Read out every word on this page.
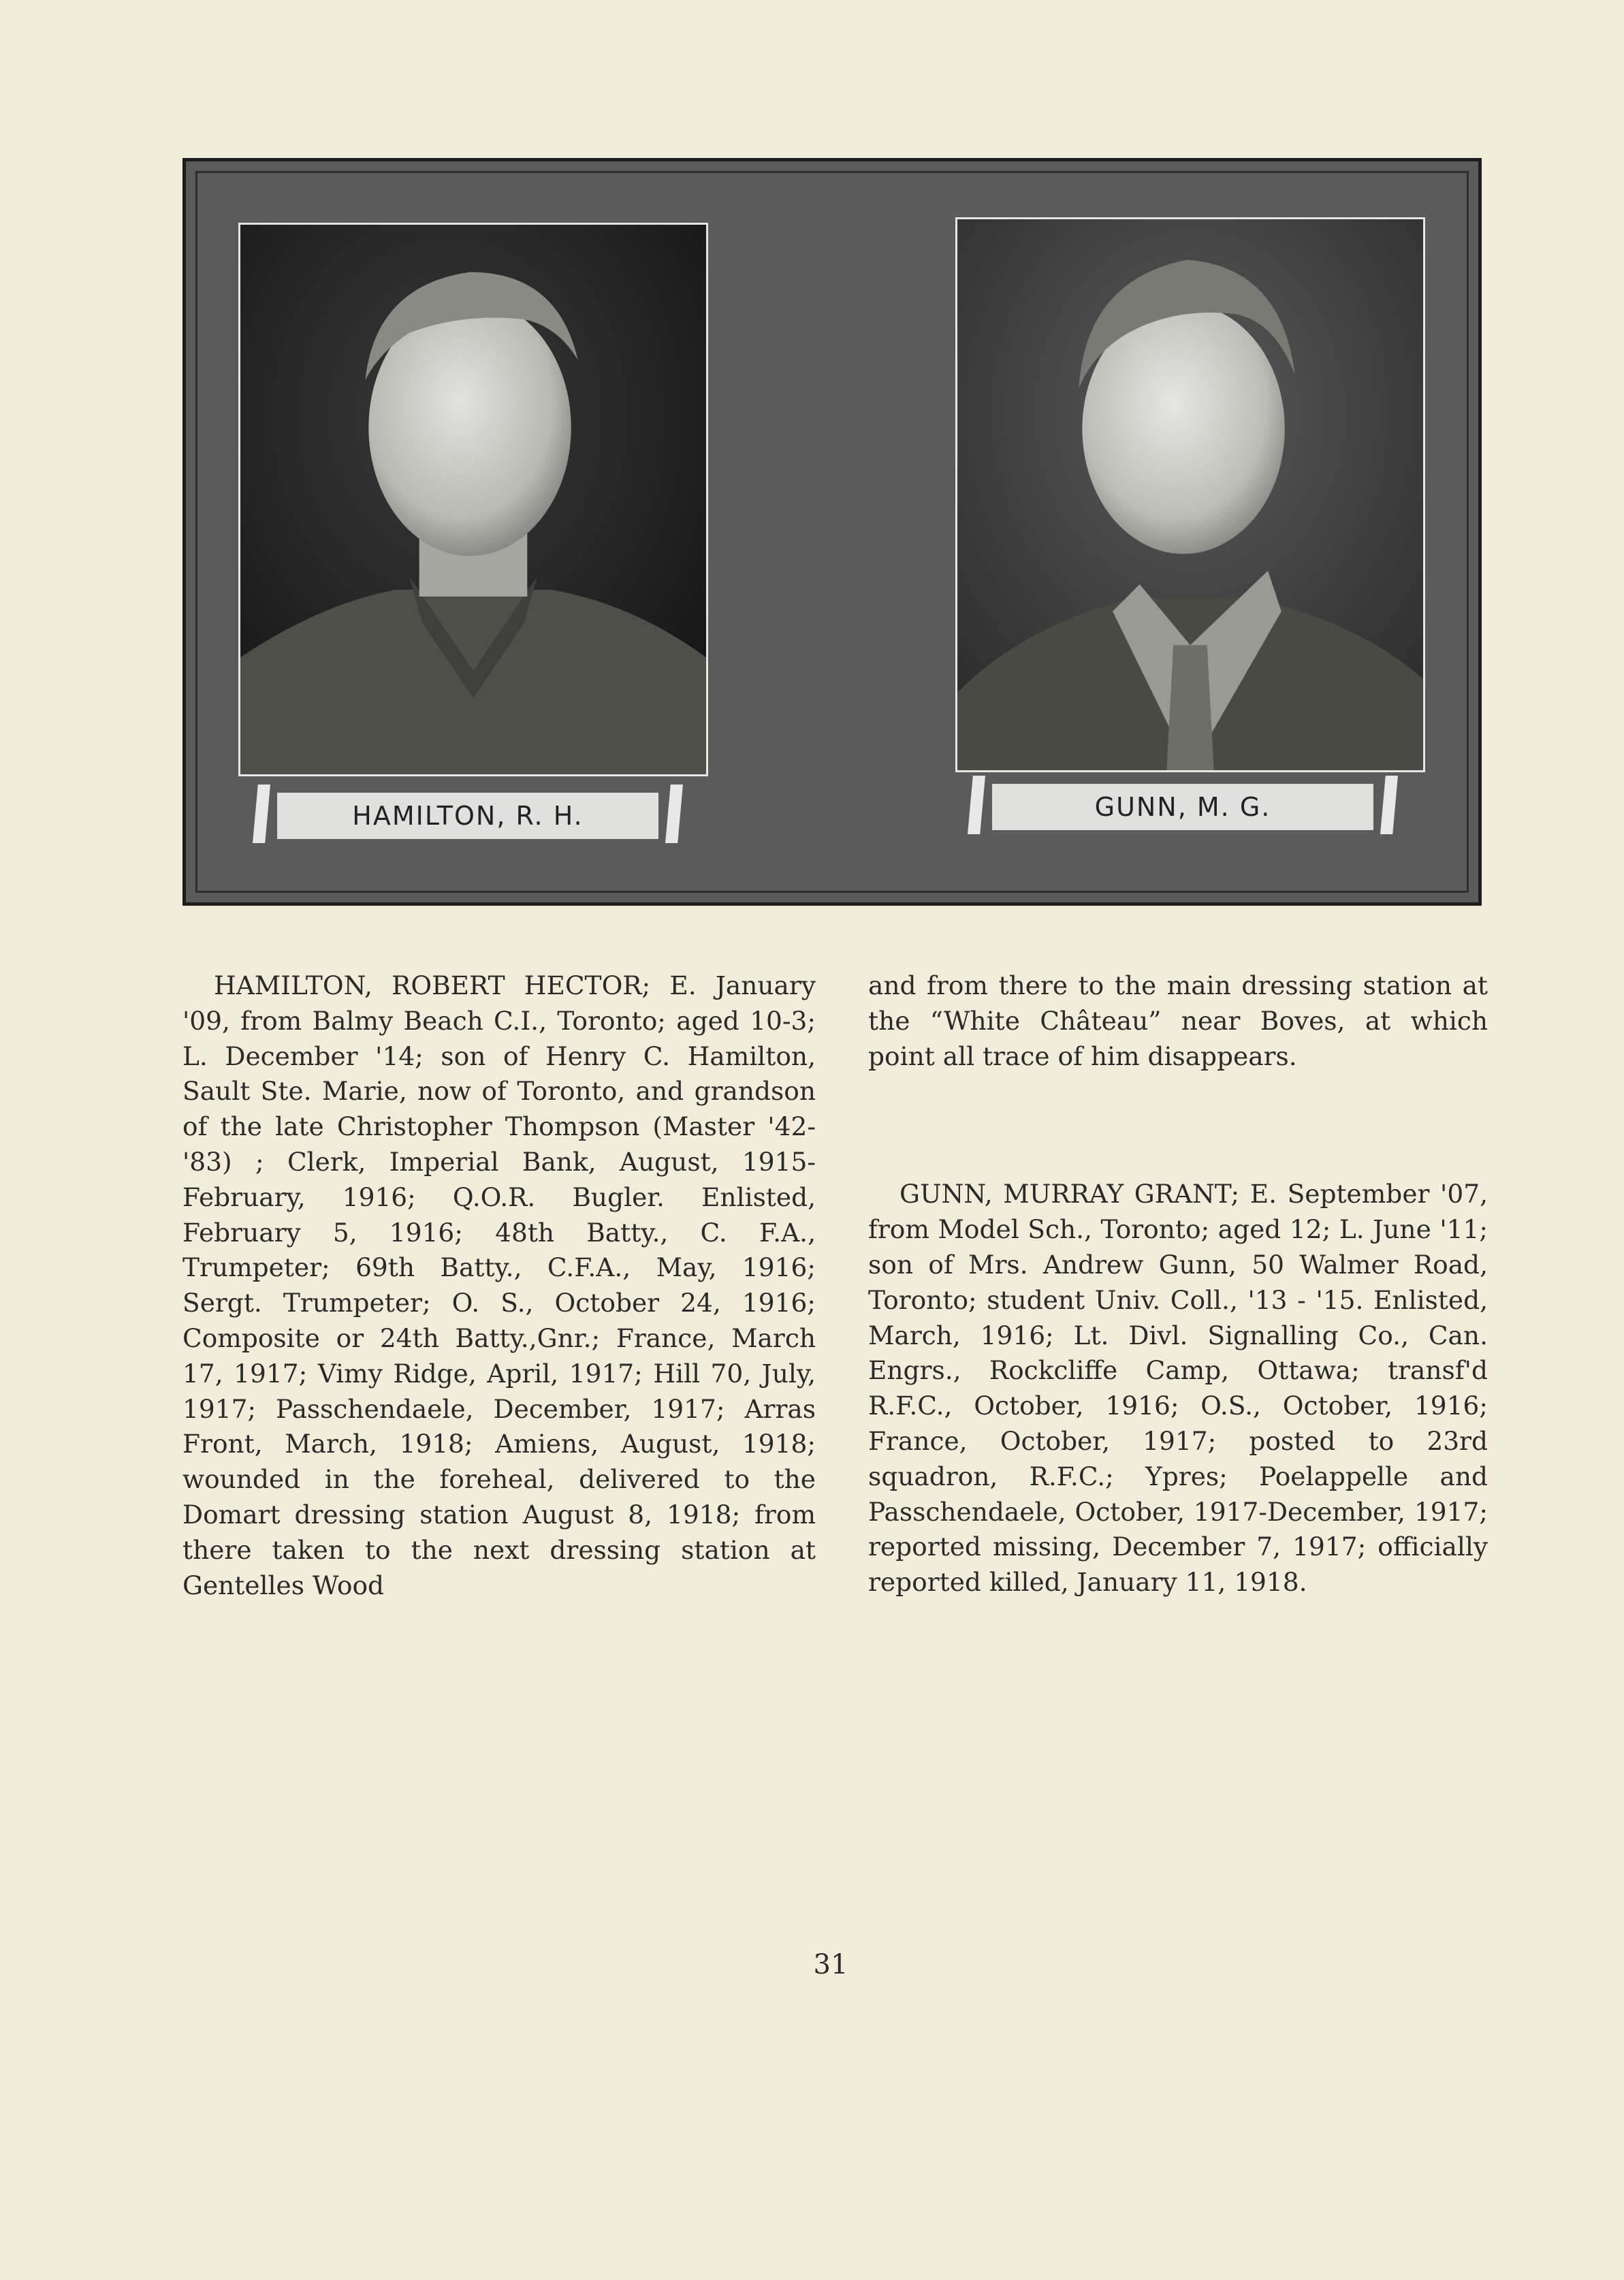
HAMILTON, R. H.	GUNN, M. G.

HAMILTON, ROBERT HECTOR; E. January '09, from Balmy Beach C.I., Toronto; aged 10-3; L. December '14; son of Henry C. Hamilton, Sault Ste. Marie, now of Toronto, and grandson of the late Christopher Thompson (Master '42-'83) ; Clerk, Imperial Bank, August, 1915-February, 1916; Q.O.R. Bugler. Enlisted, February 5, 1916; 48th Batty., C. F.A., Trumpeter; 69th Batty., C.F.A., May, 1916; Sergt. Trumpeter; O. S., October 24, 1916; Composite or 24th Batty.,Gnr.; France, March 17, 1917; Vimy Ridge, April, 1917; Hill 70, July, 1917; Passchendaele, December, 1917; Arras Front, March, 1918; Amiens, August, 1918; wounded in the foreheal, delivered to the Domart dressing station August 8, 1918; from there taken to the next dressing station at Gentelles Wood

and from there to the main dressing station at the “White Château” near Boves, at which point all trace of him disappears.

GUNN, MURRAY GRANT; E. September '07, from Model Sch., Toronto; aged 12; L. June '11; son of Mrs. Andrew Gunn, 50 Walmer Road, Toronto; student Univ. Coll., '13 - '15. Enlisted, March, 1916; Lt. Divl. Signalling Co., Can. Engrs., Rockcliffe Camp, Ottawa; transf'd R.F.C., October, 1916; O.S., October, 1916; France, October, 1917; posted to 23rd squadron, R.F.C.; Ypres; Poelappelle and Passchendaele, October, 1917-December, 1917; reported missing, December 7, 1917; officially reported killed, January 11, 1918.

31
